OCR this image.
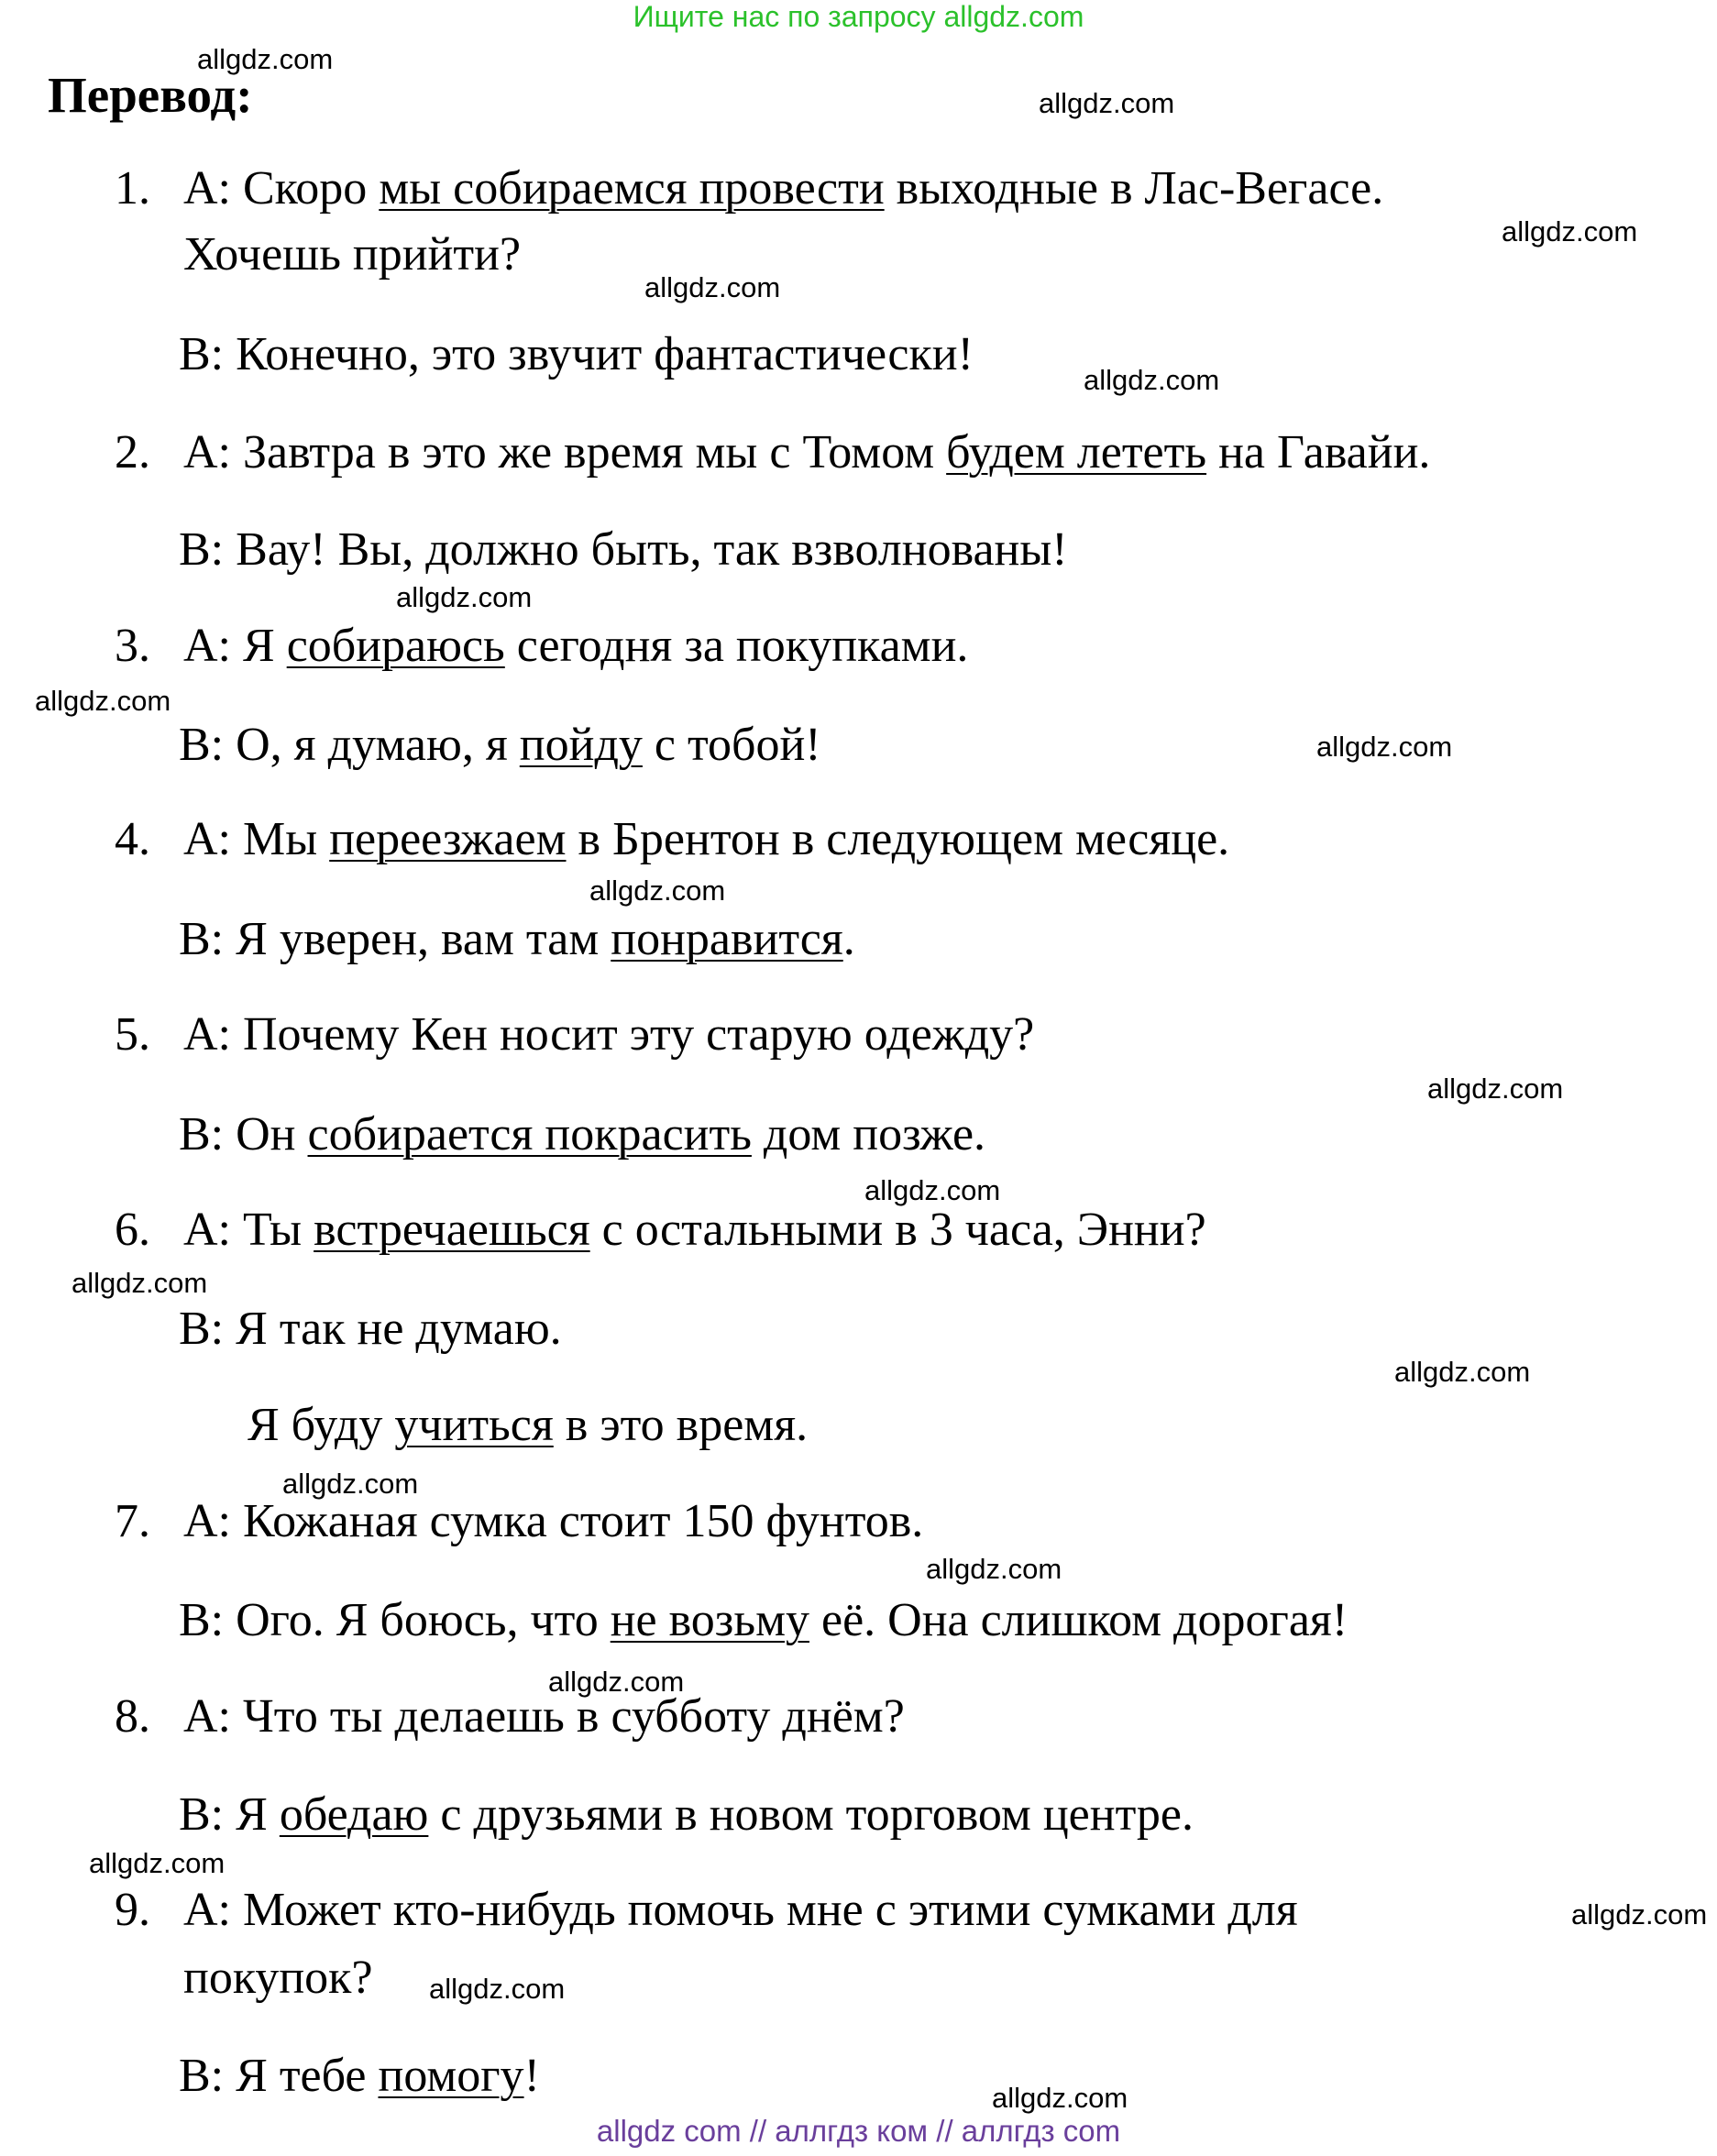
Ищите нас по запросу allgdz.com
Перевод:
1. А: Скоро мы собираемся провести выходные в Лас-Вегасе.
Хочешь прийти?
B: Конечно, это звучит фантастически!
2. А: Завтра в это же время мы с Томом будем лететь на Гавайи.
B: Вау! Вы, должно быть, так взволнованы!
3. А: Я собираюсь сегодня за покупками.
B: О, я думаю, я пойду с тобой!
4. А: Мы переезжаем в Брентон в следующем месяце.
B: Я уверен, вам там понравится.
5. А: Почему Кен носит эту старую одежду?
B: Он собирается покрасить дом позже.
6. А: Ты встречаешься с остальными в 3 часа, Энни?
B: Я так не думаю.
Я буду учиться в это время.
7. А: Кожаная сумка стоит 150 фунтов.
B: Ого. Я боюсь, что не возьму её. Она слишком дорогая!
8. А: Что ты делаешь в субботу днём?
B: Я обедаю с друзьями в новом торговом центре.
9. А: Может кто-нибудь помочь мне с этими сумками для
покупок?
B: Я тебе помогу!
allgdz.com
allgdz.com
allgdz.com
allgdz.com
allgdz.com
allgdz.com
allgdz.com
allgdz.com
allgdz.com
allgdz.com
allgdz.com
allgdz.com
allgdz.com
allgdz.com
allgdz.com
allgdz.com
allgdz.com
allgdz.com
allgdz.com
allgdz.com
allgdz com // аллгдз ком // аллгдз com
